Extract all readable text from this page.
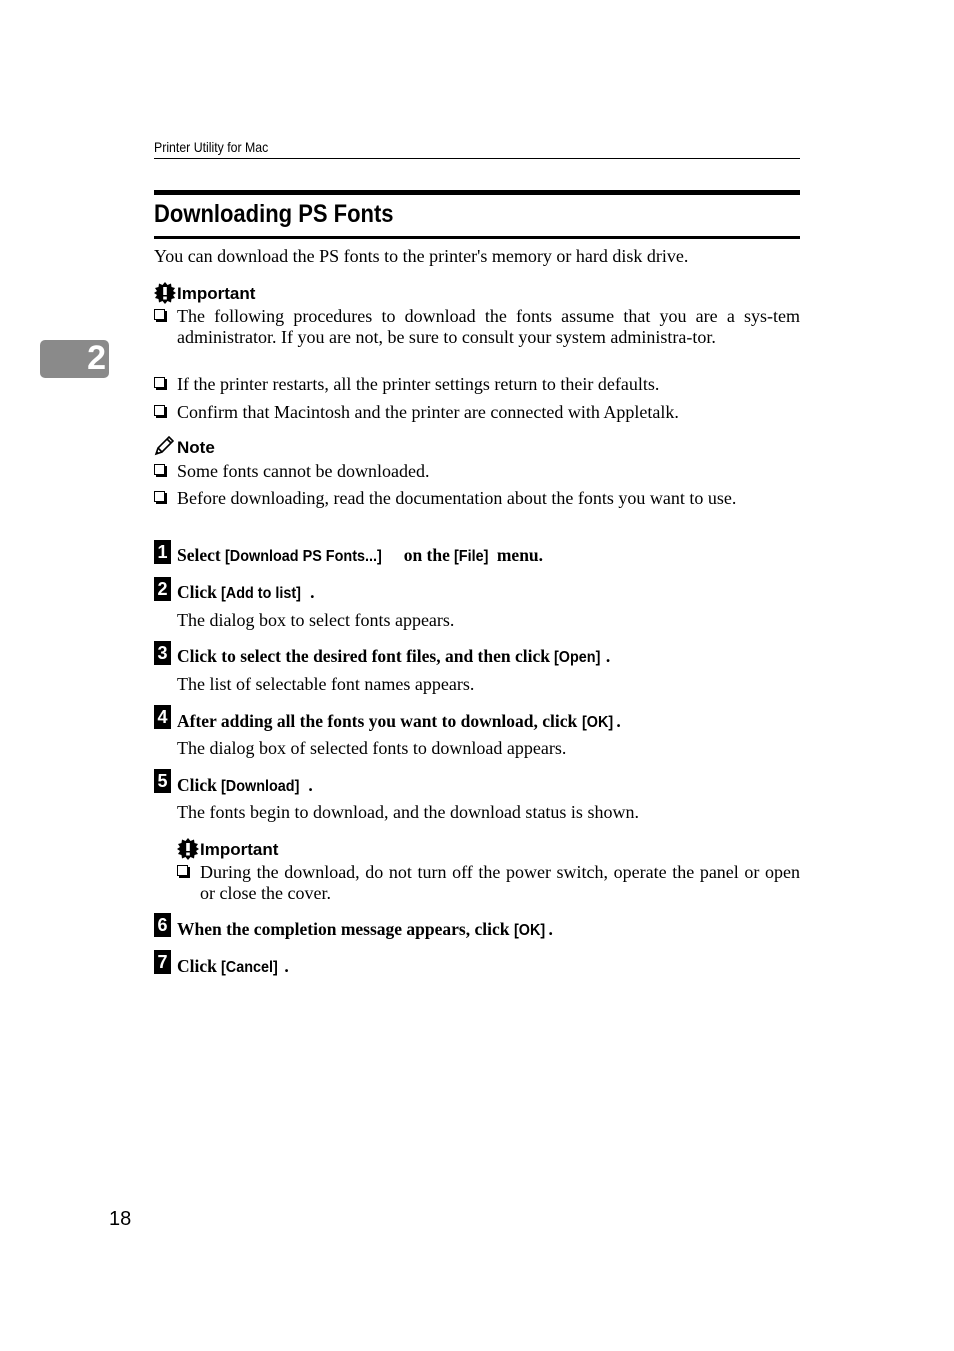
Printer Utility for Mac
2
Downloading PS Fonts
You can download the PS fonts to the printer's memory or hard disk drive.
Important
The following procedures to download the fonts assume that you are a sys-tem administrator. If you are not, be sure to consult your system administra-tor.
If the printer restarts, all the printer settings return to their defaults.
Confirm that Macintosh and the printer are connected with Appletalk.
Note
Some fonts cannot be downloaded.
Before downloading, read the documentation about the fonts you want to use.
1 Select [Download PS Fonts...] on the [File] menu.
2 Click [Add to list] .
The dialog box to select fonts appears.
3 Click to select the desired font files, and then click [Open] .
The list of selectable font names appears.
4 After adding all the fonts you want to download, click [OK] .
The dialog box of selected fonts to download appears.
5 Click [Download] .
The fonts begin to download, and the download status is shown.
Important
During the download, do not turn off the power switch, operate the panel or open or close the cover.
6 When the completion message appears, click [OK] .
7 Click [Cancel] .
18
